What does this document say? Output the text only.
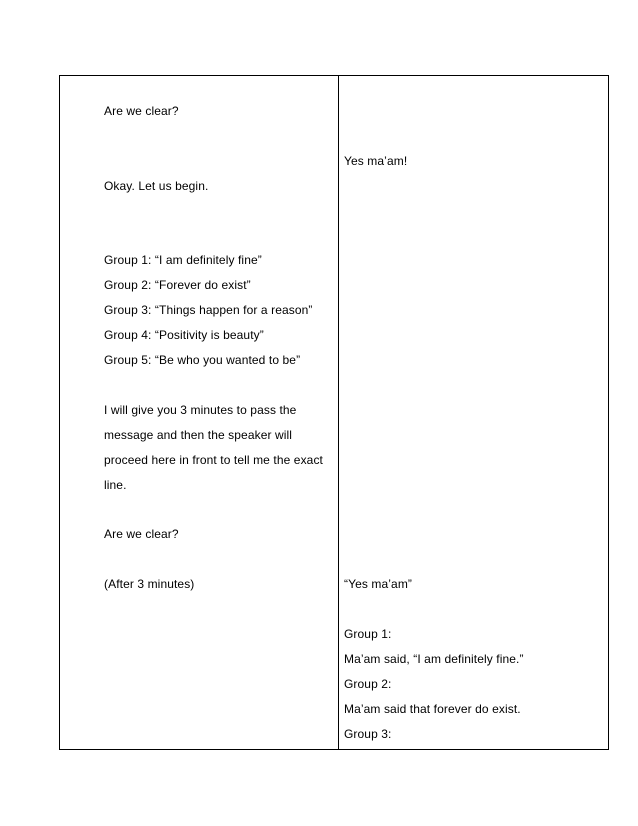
Are we clear?
Okay. Let us begin.
Group 1: “I am definitely fine”
Group 2: “Forever do exist”
Group 3: “Things happen for a reason”
Group 4: “Positivity is beauty”
Group 5: “Be who you wanted to be”
I will give you 3 minutes to pass the
message and then the speaker will
proceed here in front to tell me the exact
line.
Are we clear?
(After 3 minutes)
Yes ma’am!
“Yes ma’am”
Group 1:
Ma’am said, “I am definitely fine.”
Group 2:
Ma’am said that forever do exist.
Group 3:
